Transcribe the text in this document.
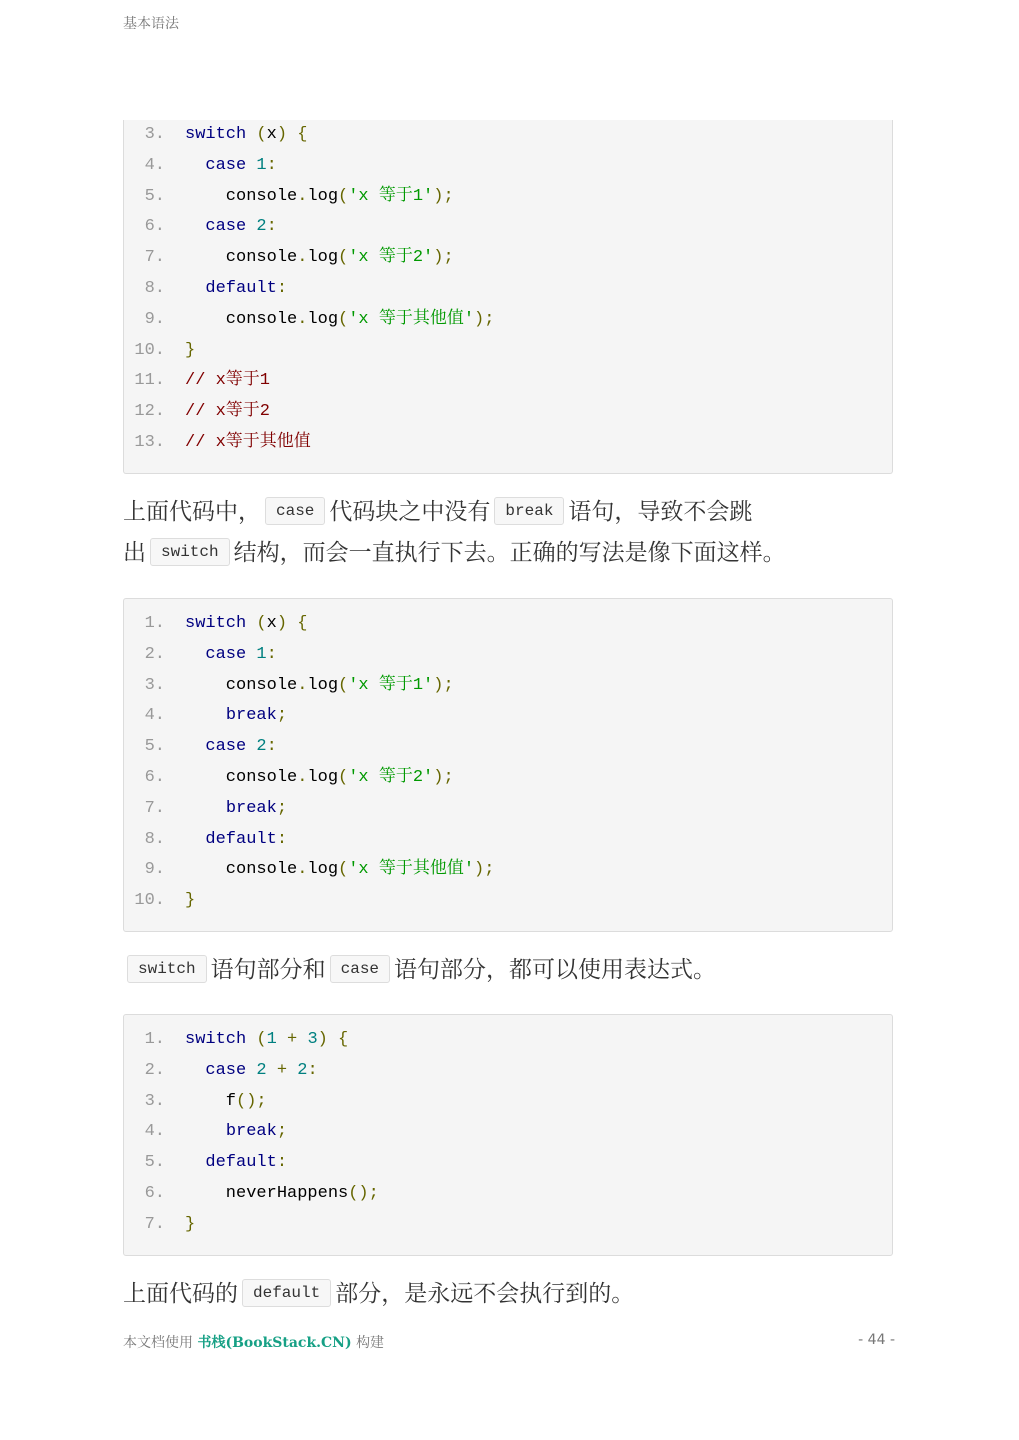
基本语法
3. switch (x) {
4.	case 1:
5. console.log('x 等于1');
6.	case 2:
7. console.log('x 等于2');
8.	default:
9. console.log('x 等于其他值');
10. }
11. // x等于1
12. // x等于2
13. // x等于其他值
上面代码中， case 代码块之中没有 break 语句，导致不会跳
出 switch 结构，而会一直执行下去。正确的写法是像下面这样。
1. switch (x) {
2.	case 1:
3. console.log('x 等于1');
4.	break;
5.	case 2:
6. console.log('x 等于2');
7.	break;
8.	default:
9. console.log('x 等于其他值');
10. }
switch 语句部分和 case 语句部分，都可以使用表达式。
1. switch (1 + 3) {
2.	case 2 + 2:
3. f();
4.	break;
5.	default:
6. neverHappens();
7. }
上面代码的 default 部分，是永远不会执行到的。
本文档使用 书栈(BookStack.CN) 构建	- 44 -
